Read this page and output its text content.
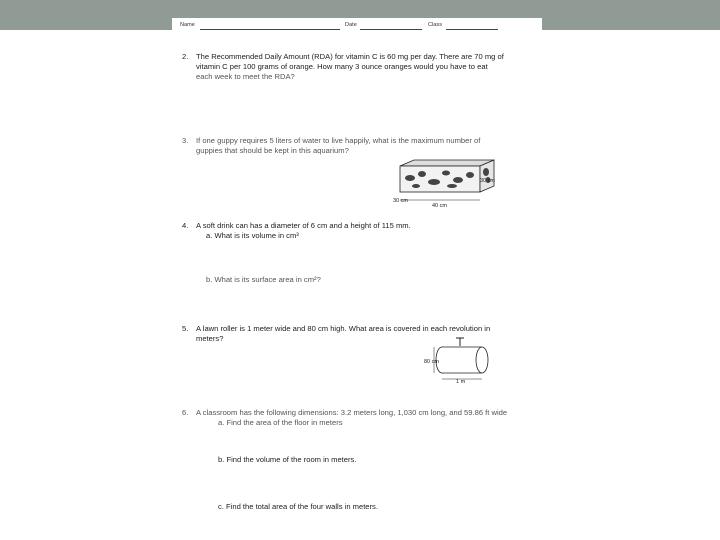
Name	Date	Class
2. The Recommended Daily Amount (RDA) for vitamin C is 60 mg per day. There are 70 mg of
vitamin C per 100 grams of orange. How many 3 ounce oranges would you have to eat
each week to meet the RDA?
3. If one guppy requires 5 liters of water to live happily, what is the maximum number of
guppies that should be kept in this aquarium?
30 cm
40 cm
30 cm
4. A soft drink can has a diameter of 6 cm and a height of 115 mm.
a. What is its volume in cm³
b. What is its surface area in cm²?
5. A lawn roller is 1 meter wide and 80 cm high. What area is covered in each revolution in
meters?
80 cm
1 m
6. A classroom has the following dimensions: 3.2 meters long, 1,030 cm long, and 59.86 ft wide
a. Find the area of the floor in meters
b. Find the volume of the room in meters.
c. Find the total area of the four walls in meters.
